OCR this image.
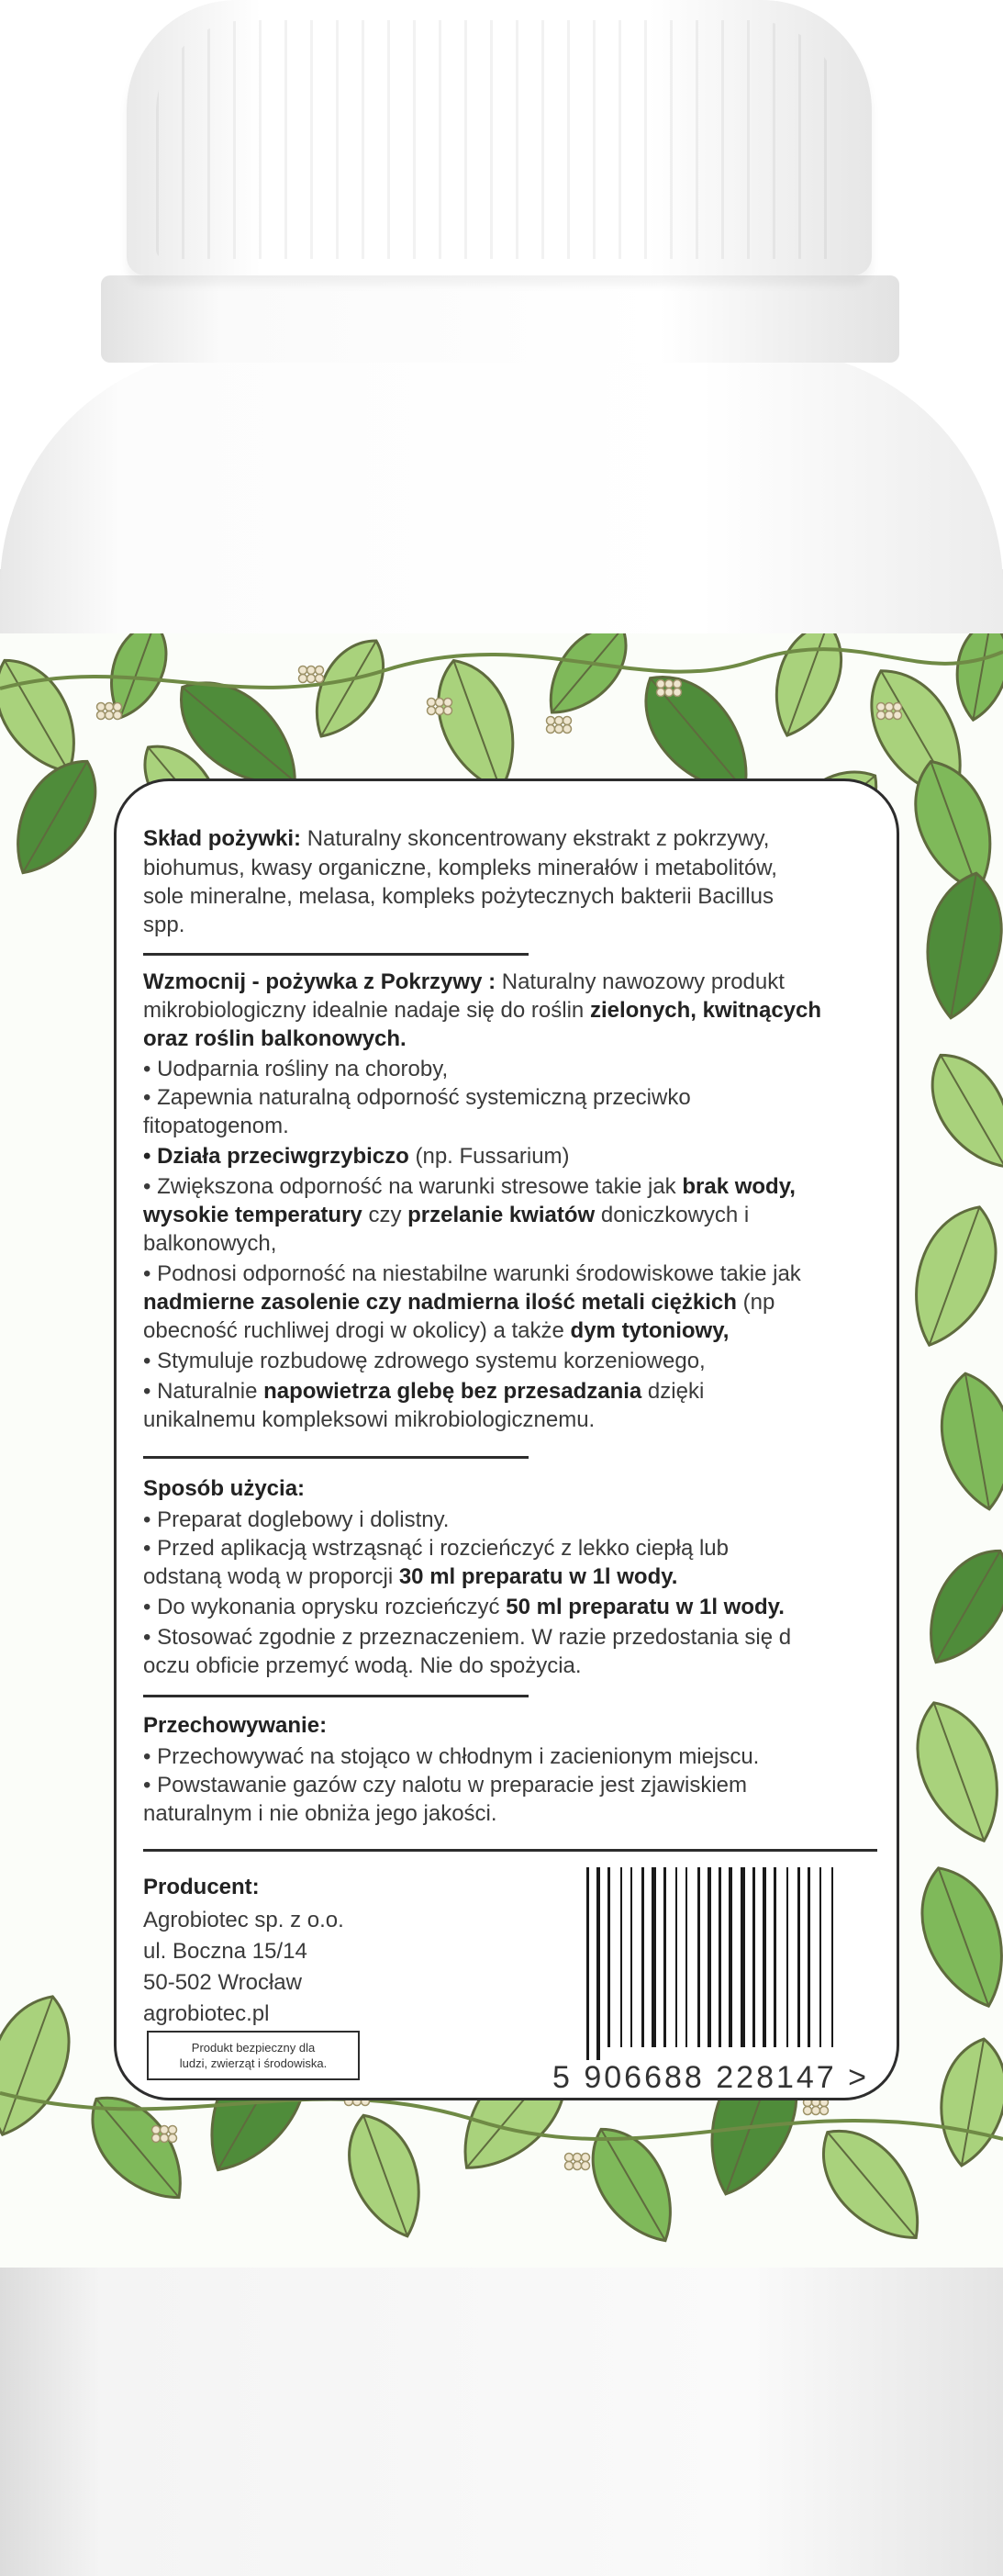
Skład pożywki: Naturalny skoncentrowany ekstrakt z pokrzywy,
biohumus, kwasy organiczne, kompleks minerałów i metabolitów,
sole mineralne, melasa, kompleks pożytecznych bakterii Bacillus
spp.
Wzmocnij - pożywka z Pokrzywy : Naturalny nawozowy produkt
mikrobiologiczny idealnie nadaje się do roślin zielonych, kwitnących
oraz roślin balkonowych.
• Uodparnia rośliny na choroby,
• Zapewnia naturalną odporność systemiczną przeciwko
fitopatogenom.
• Działa przeciwgrzybiczo (np. Fussarium)
• Zwiększona odporność na warunki stresowe takie jak brak wody,
wysokie temperatury czy przelanie kwiatów doniczkowych i
balkonowych,
• Podnosi odporność na niestabilne warunki środowiskowe takie jak
nadmierne zasolenie czy nadmierna ilość metali ciężkich (np
obecność ruchliwej drogi w okolicy) a także dym tytoniowy,
• Stymuluje rozbudowę zdrowego systemu korzeniowego,
• Naturalnie napowietrza glebę bez przesadzania dzięki
unikalnemu kompleksowi mikrobiologicznemu.
Sposób użycia:
• Preparat doglebowy i dolistny.
• Przed aplikacją wstrząsnąć i rozcieńczyć z lekko ciepłą lub
odstaną wodą w proporcji 30 ml preparatu w 1l wody.
• Do wykonania oprysku rozcieńczyć 50 ml preparatu w 1l wody.
• Stosować zgodnie z przeznaczeniem. W razie przedostania się d
oczu obficie przemyć wodą. Nie do spożycia.
Przechowywanie:
• Przechowywać na stojąco w chłodnym i zacienionym miejscu.
• Powstawanie gazów czy nalotu w preparacie jest zjawiskiem
naturalnym i nie obniża jego jakości.
Producent:
Agrobiotec sp. z o.o.
ul. Boczna 15/14
50-502 Wrocław
agrobiotec.pl
Produkt bezpieczny dla
ludzi, zwierząt i środowiska.	5 906688 228147 >
